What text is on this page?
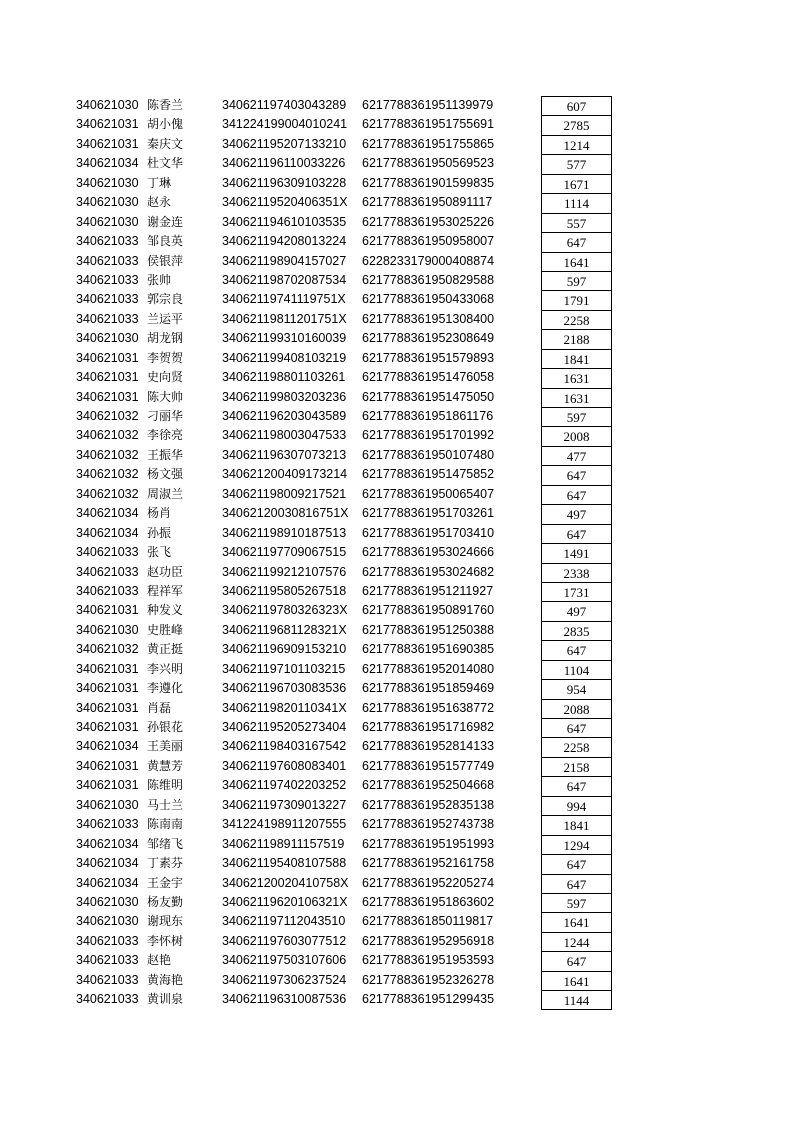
340621030 陈香兰	340621197403043289 6217788361951139979	607
340621031 胡小傀	341224199004010241 6217788361951755691	2785
340621031 秦庆文	340621195207133210 6217788361951755865	1214
340621034 杜文华	340621196110033226 6217788361950569523	577
340621030 丁琳	340621196309103228 6217788361901599835	1671
340621030 赵永	34062119520406351X 6217788361950891117	1114
340621030 谢金连	340621194610103535 6217788361953025226	557
340621033 邹良英	340621194208013224 6217788361950958007	647
340621033 侯银萍	340621198904157027 6228233179000408874	1641
340621033 张帅	340621198702087534 6217788361950829588	597
340621033 郭宗良	34062119741119751X 6217788361950433068	1791
340621033 兰运平	34062119811201751X 6217788361951308400	2258
340621030 胡龙钢	340621199310160039 6217788361952308649	2188
340621031 李贺贺	340621199408103219 6217788361951579893	1841
340621031 史向贤	340621198801103261 6217788361951476058	1631
340621031 陈大帅	340621199803203236 6217788361951475050	1631
340621032 刁丽华	340621196203043589 6217788361951861176	597
340621032 李徐亮	340621198003047533 6217788361951701992	2008
340621032 王振华	340621196307073213 6217788361950107480	477
340621032 杨文强	340621200409173214 6217788361951475852	647
340621032 周淑兰	340621198009217521 6217788361950065407	647
340621034 杨肖	34062120030816751X 6217788361951703261	497
340621034 孙振	340621198910187513 6217788361951703410	647
340621033 张飞	340621197709067515 6217788361953024666	1491
340621033 赵功臣	340621199212107576 6217788361953024682	2338
340621033 程祥军	340621195805267518 6217788361951211927	1731
340621031 种发义	34062119780326323X 6217788361950891760	497
340621030 史胜峰	34062119681128321X 6217788361951250388	2835
340621032 黄正挺	340621196909153210 6217788361951690385	647
340621031 李兴明	340621197101103215 6217788361952014080	1104
340621031 李遵化	340621196703083536 6217788361951859469	954
340621031 肖磊	34062119820110341X 6217788361951638772	2088
340621031 孙银花	340621195205273404 6217788361951716982	647
340621034 王美丽	340621198403167542 6217788361952814133	2258
340621031 黄慧芳	340621197608083401 6217788361951577749	2158
340621031 陈维明	340621197402203252 6217788361952504668	647
340621030 马士兰	340621197309013227 6217788361952835138	994
340621033 陈南南	341224198911207555 6217788361952743738	1841
340621034 邹绪飞	340621198911157519 6217788361951951993	1294
340621034 丁素芬	340621195408107588 6217788361952161758	647
340621034 王金宇	34062120020410758X 6217788361952205274	647
340621030 杨友勤	34062119620106321X 6217788361951863602	597
340621030 谢现东	340621197112043510 6217788361850119817	1641
340621033 李怀树	340621197603077512 6217788361952956918	1244
340621033 赵艳	340621197503107606 6217788361951953593	647
340621033 黄海艳	340621197306237524 6217788361952326278	1641
340621033 黄训泉	340621196310087536 6217788361951299435	1144
